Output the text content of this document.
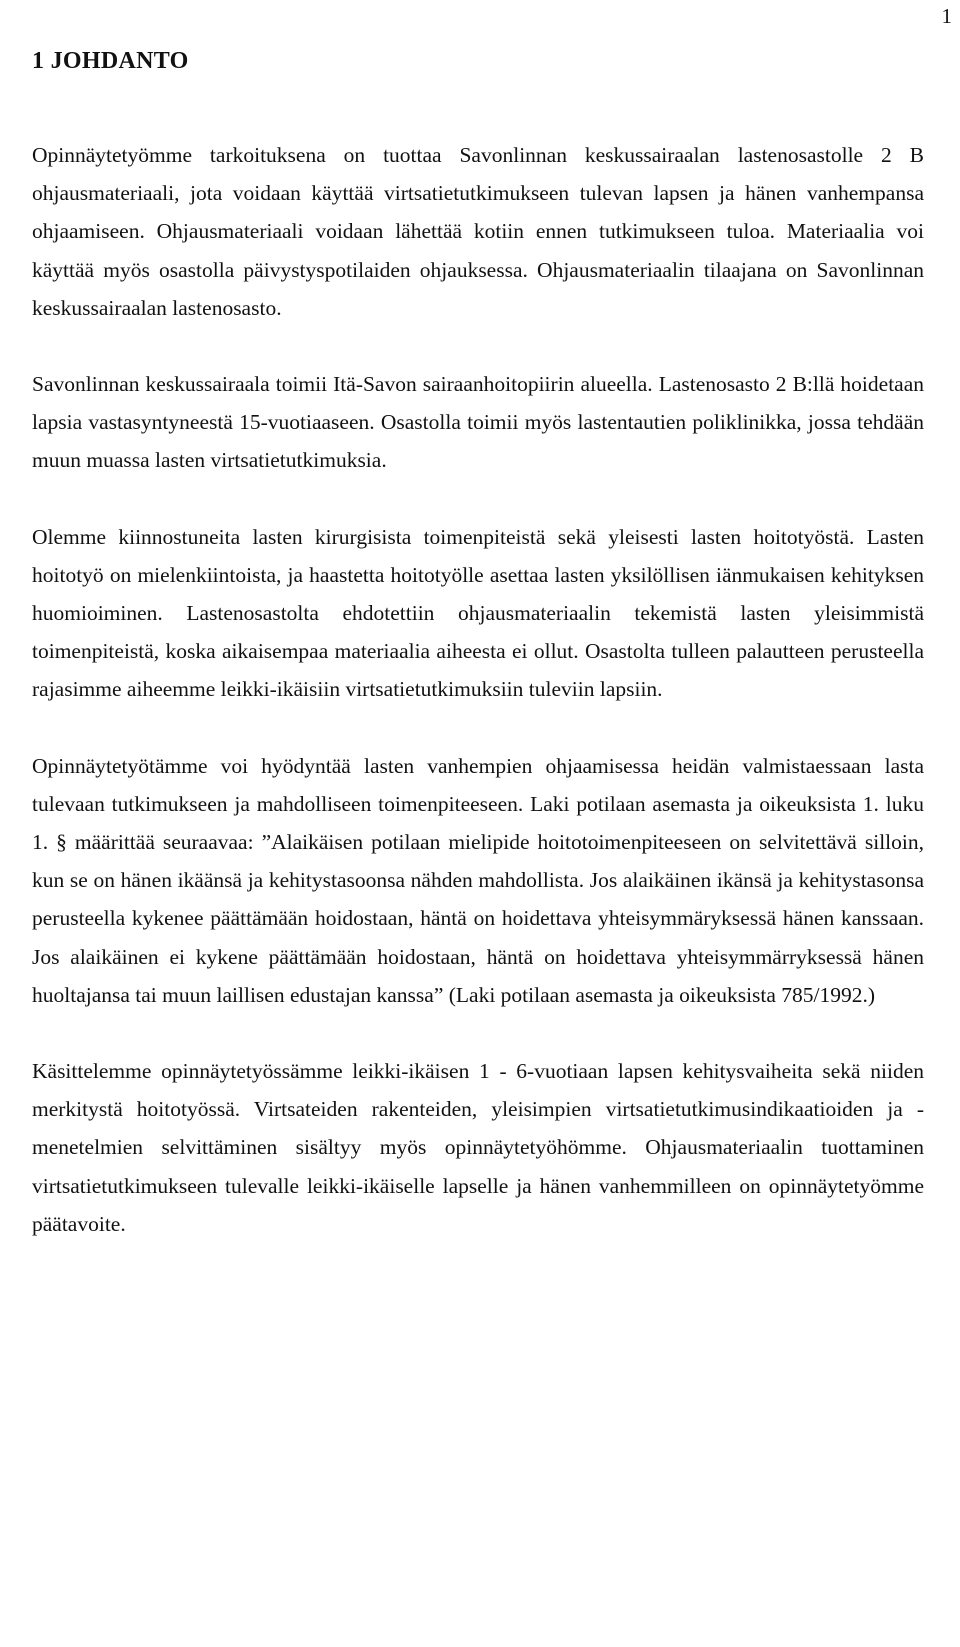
1
1 JOHDANTO

Opinnäytetyömme tarkoituksena on tuottaa Savonlinnan keskussairaalan lastenosastolle 2 B ohjausmateriaali, jota voidaan käyttää virtsatietutkimukseen tulevan lapsen ja hänen vanhempansa ohjaamiseen. Ohjausmateriaali voidaan lähettää kotiin ennen tutkimukseen tuloa. Materiaalia voi käyttää myös osastolla päivystyspotilaiden ohjauksessa. Ohjausmateriaalin tilaajana on Savonlinnan keskussairaalan lastenosasto.

Savonlinnan keskussairaala toimii Itä-Savon sairaanhoitopiirin alueella. Lastenosasto 2 B:llä hoidetaan lapsia vastasyntyneestä 15-vuotiaaseen. Osastolla toimii myös lastentautien poliklinikka, jossa tehdään muun muassa lasten virtsatietutkimuksia.

Olemme kiinnostuneita lasten kirurgisista toimenpiteistä sekä yleisesti lasten hoitotyöstä. Lasten hoitotyö on mielenkiintoista, ja haastetta hoitotyölle asettaa lasten yksilöllisen iänmukaisen kehityksen huomioiminen. Lastenosastolta ehdotettiin ohjausmateriaalin tekemistä lasten yleisimmistä toimenpiteistä, koska aikaisempaa materiaalia aiheesta ei ollut. Osastolta tulleen palautteen perusteella rajasimme aiheemme leikki-ikäisiin virtsatietutkimuksiin tuleviin lapsiin.

Opinnäytetyötämme voi hyödyntää lasten vanhempien ohjaamisessa heidän valmistaessaan lasta tulevaan tutkimukseen ja mahdolliseen toimenpiteeseen. Laki potilaan asemasta ja oikeuksista 1. luku 1. § määrittää seuraavaa: ”Alaikäisen potilaan mielipide hoitotoimenpiteeseen on selvitettävä silloin, kun se on hänen ikäänsä ja kehitystasoonsa nähden mahdollista. Jos alaikäinen ikänsä ja kehitystasonsa perusteella kykenee päättämään hoidostaan, häntä on hoidettava yhteisymmäryksessä hänen kanssaan. Jos alaikäinen ei kykene päättämään hoidostaan, häntä on hoidettava yhteisymmärryksessä hänen huoltajansa tai muun laillisen edustajan kanssa” (Laki potilaan asemasta ja oikeuksista 785/1992.)

Käsittelemme opinnäytetyössämme leikki-ikäisen 1 - 6-vuotiaan lapsen kehitysvaiheita sekä niiden merkitystä hoitotyössä. Virtsateiden rakenteiden, yleisimpien virtsatietutkimusindikaatioiden ja -menetelmien selvittäminen sisältyy myös opinnäytetyöhömme. Ohjausmateriaalin tuottaminen virtsatietutkimukseen tulevalle leikki-ikäiselle lapselle ja hänen vanhemmilleen on opinnäytetyömme päätavoite.
